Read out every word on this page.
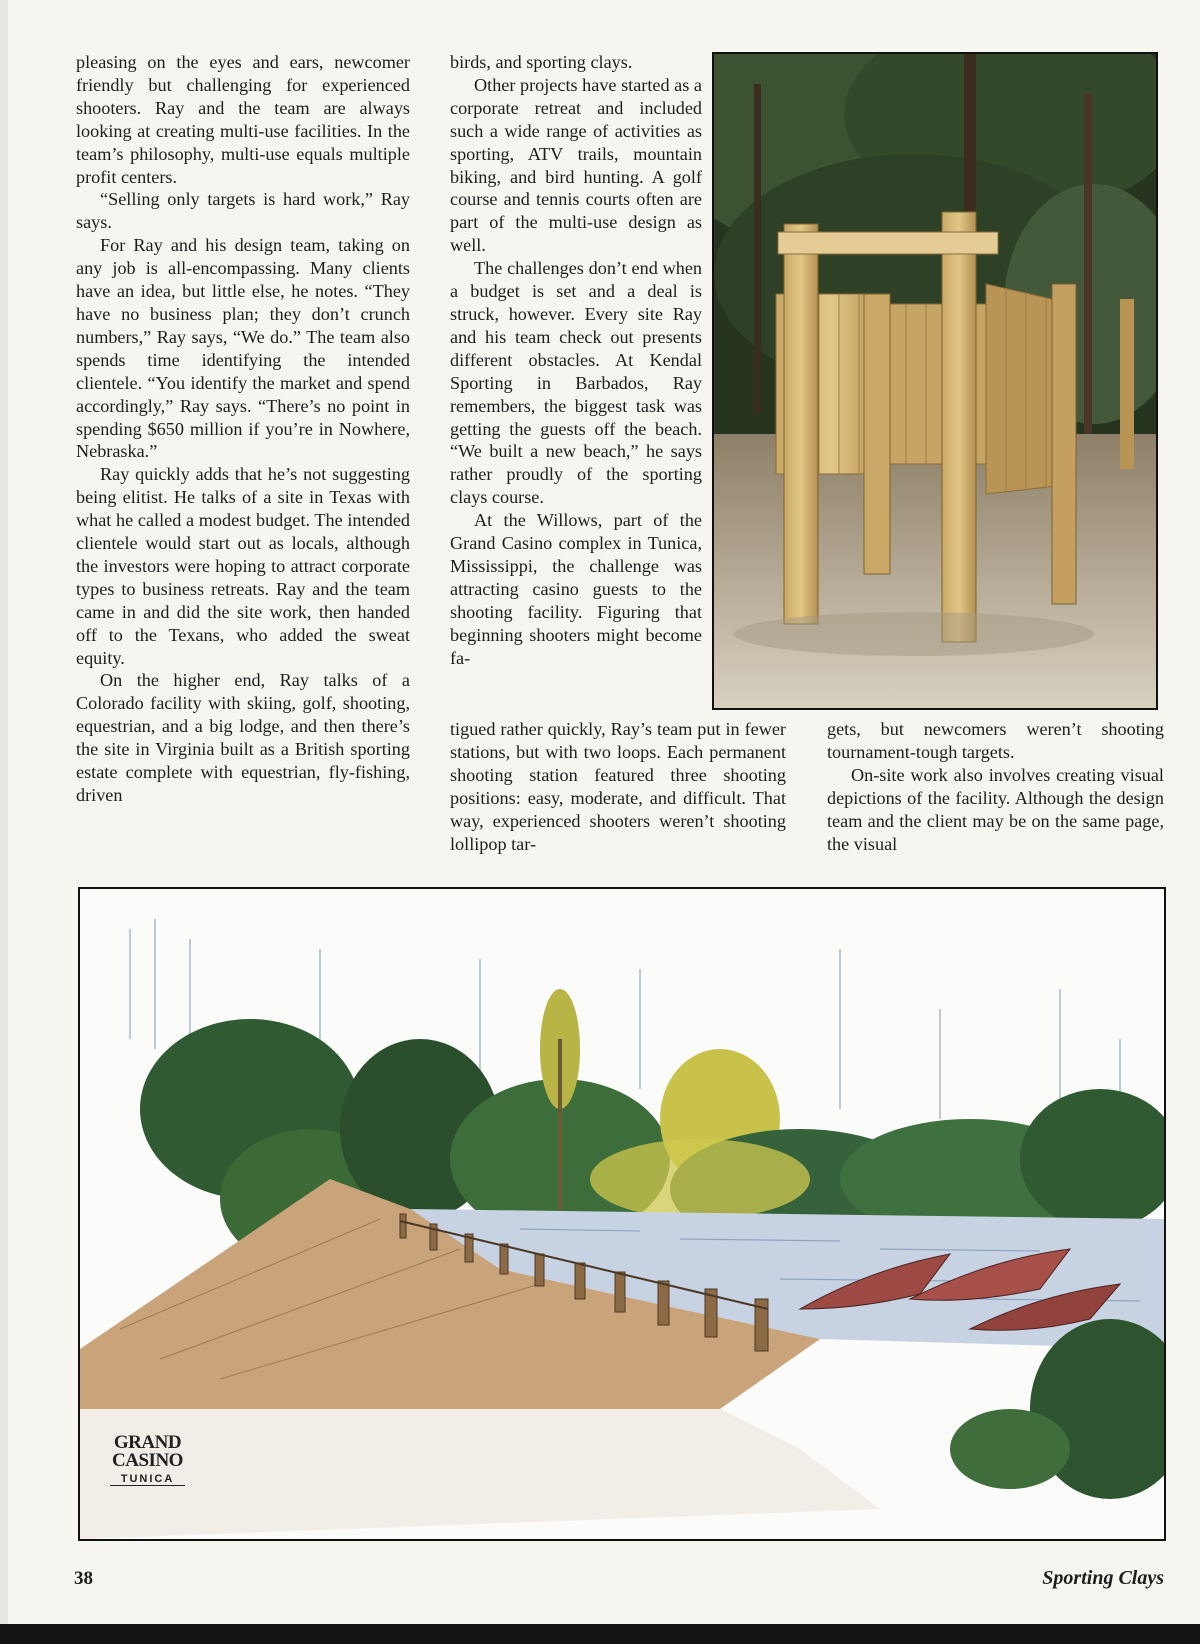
pleasing on the eyes and ears, newcomer friendly but challenging for experienced shooters. Ray and the team are always looking at creating multi-use facilities. In the team’s philosophy, multi-use equals multiple profit centers.

“Selling only targets is hard work,” Ray says.

For Ray and his design team, taking on any job is all-encompassing. Many clients have an idea, but little else, he notes. “They have no business plan; they don’t crunch numbers,” Ray says, “We do.” The team also spends time identifying the intended clientele. “You identify the market and spend accordingly,” Ray says. “There’s no point in spending $650 million if you’re in Nowhere, Nebraska.”

Ray quickly adds that he’s not suggesting being elitist. He talks of a site in Texas with what he called a modest budget. The intended clientele would start out as locals, although the investors were hoping to attract corporate types to business retreats. Ray and the team came in and did the site work, then handed off to the Texans, who added the sweat equity.

On the higher end, Ray talks of a Colorado facility with skiing, golf, shooting, equestrian, and a big lodge, and then there’s the site in Virginia built as a British sporting estate complete with equestrian, fly-fishing, driven

birds, and sporting clays.

Other projects have started as a corporate retreat and included such a wide range of activities as sporting, ATV trails, mountain biking, and bird hunting. A golf course and tennis courts often are part of the multi-use design as well.

The challenges don’t end when a budget is set and a deal is struck, however. Every site Ray and his team check out presents different obstacles. At Kendal Sporting in Barbados, Ray remembers, the biggest task was getting the guests off the beach. “We built a new beach,” he says rather proudly of the sporting clays course.

At the Willows, part of the Grand Casino complex in Tunica, Mississippi, the challenge was attracting casino guests to the shooting facility. Figuring that beginning shooters might become fa-

tigued rather quickly, Ray’s team put in fewer stations, but with two loops. Each permanent shooting station featured three shooting positions: easy, moderate, and difficult. That way, experienced shooters weren’t shooting lollipop tar-

gets, but newcomers weren’t shooting tournament-tough targets.

On-site work also involves creating visual depictions of the facility. Although the design team and the client may be on the same page, the visual

GRAND
CASINO
TUNICA
38	Sporting Clays
